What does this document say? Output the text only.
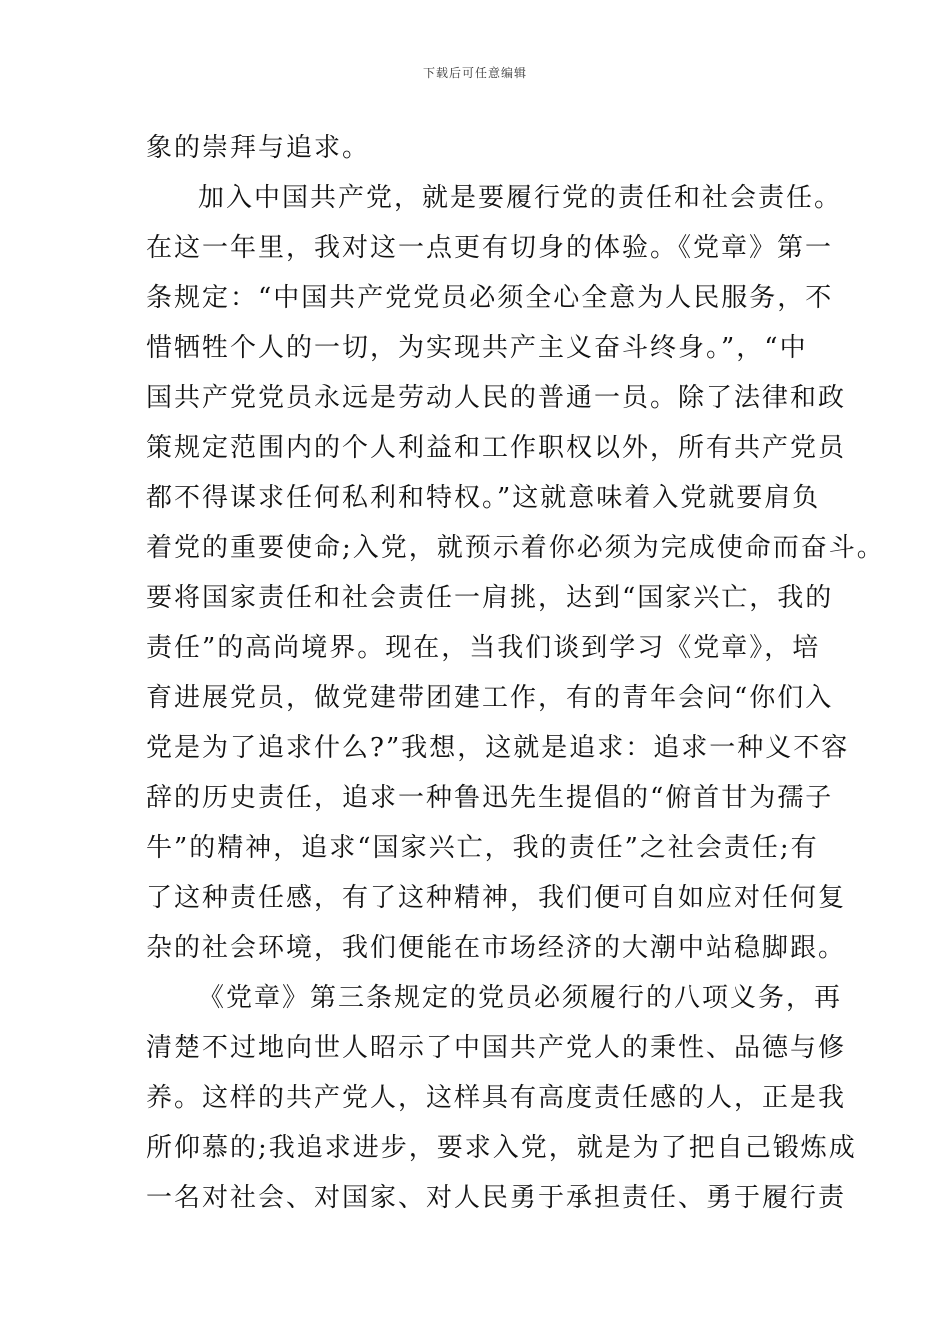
下载后可任意编辑
象的崇拜与追求。
加入中国共产党，就是要履行党的责任和社会责任。
在这一年里，我对这一点更有切身的体验。《党章》第一
条规定：“中国共产党党员必须全心全意为人民服务，不
惜牺牲个人的一切，为实现共产主义奋斗终身。”，“中
国共产党党员永远是劳动人民的普通一员。除了法律和政
策规定范围内的个人利益和工作职权以外，所有共产党员
都不得谋求任何私利和特权。”这就意味着入党就要肩负
着党的重要使命;入党，就预示着你必须为完成使命而奋斗。
要将国家责任和社会责任一肩挑，达到“国家兴亡，我的
责任”的高尚境界。现在，当我们谈到学习《党章》，培
育进展党员，做党建带团建工作，有的青年会问“你们入
党是为了追求什么?”我想，这就是追求：追求一种义不容
辞的历史责任，追求一种鲁迅先生提倡的“俯首甘为孺子
牛”的精神，追求“国家兴亡，我的责任”之社会责任;有
了这种责任感，有了这种精神，我们便可自如应对任何复
杂的社会环境，我们便能在市场经济的大潮中站稳脚跟。
《党章》第三条规定的党员必须履行的八项义务，再
清楚不过地向世人昭示了中国共产党人的秉性、品德与修
养。这样的共产党人，这样具有高度责任感的人，正是我
所仰慕的;我追求进步，要求入党，就是为了把自己锻炼成
一名对社会、对国家、对人民勇于承担责任、勇于履行责
